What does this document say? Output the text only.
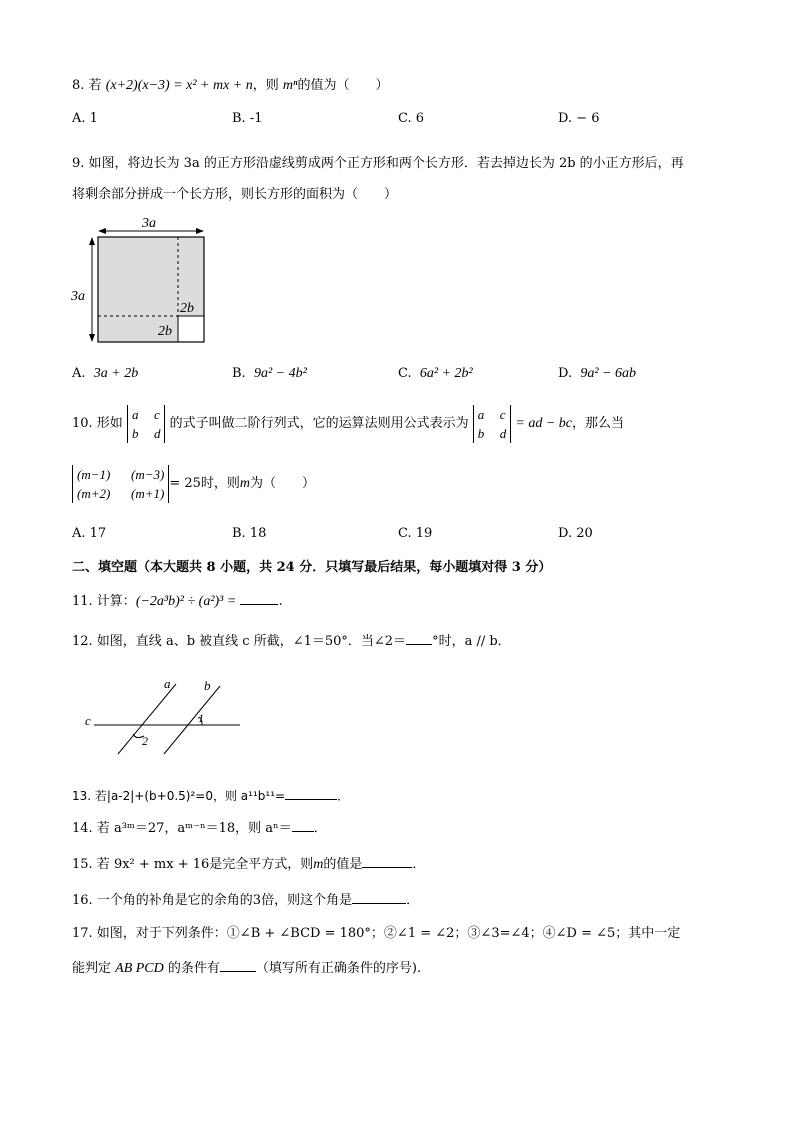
8. 若 (x+2)(x−3) = x² + mx + n，则 mⁿ的值为（　　）
A. 1	B. -1	C. 6	D. − 6
9. 如图，将边长为 3a 的正方形沿虚线剪成两个正方形和两个长方形．若去掉边长为 2b 的小正方形后，再
将剩余部分拼成一个长方形，则长方形的面积为（　　）
3a
3a
2b
2b
A. 3a + 2b	B. 9a² − 4b²	C. 6a² + 2b²	D. 9a² − 6ab
10. 形如
a c
b d
的式子叫做二阶行列式，它的运算法则用公式表示为
a c
b d
= ad − bc，那么当
(m−1) (m−3)
(m+2) (m+1)
= 25时，则m为（　　）
A. 17	B. 18	C. 19	D. 20
二、填空题（本大题共 8 小题，共 24 分．只填写最后结果，每小题填对得 3 分）
11. 计算：(−2a³b)² ÷ (a²)³ =	.
12. 如图，直线 a、b 被直线 c 所截，∠1＝50°．当∠2＝ °时，a // b．
a	b
c	1
2
13. 若|a-2|+(b+0.5)²=0，则 a¹¹b¹¹=	．
14. 若 a³ᵐ＝27，aᵐ⁻ⁿ＝18，则 aⁿ＝ ．
15. 若 9x² + mx + 16是完全平方式，则m的值是	．
16. 一个角的补角是它的余角的3倍，则这个角是	．
17. 如图，对于下列条件：①∠B + ∠BCD = 180°；②∠1 = ∠2；③∠3=∠4；④∠D = ∠5；其中一定
能判定 AB PCD 的条件有	（填写所有正确条件的序号).
